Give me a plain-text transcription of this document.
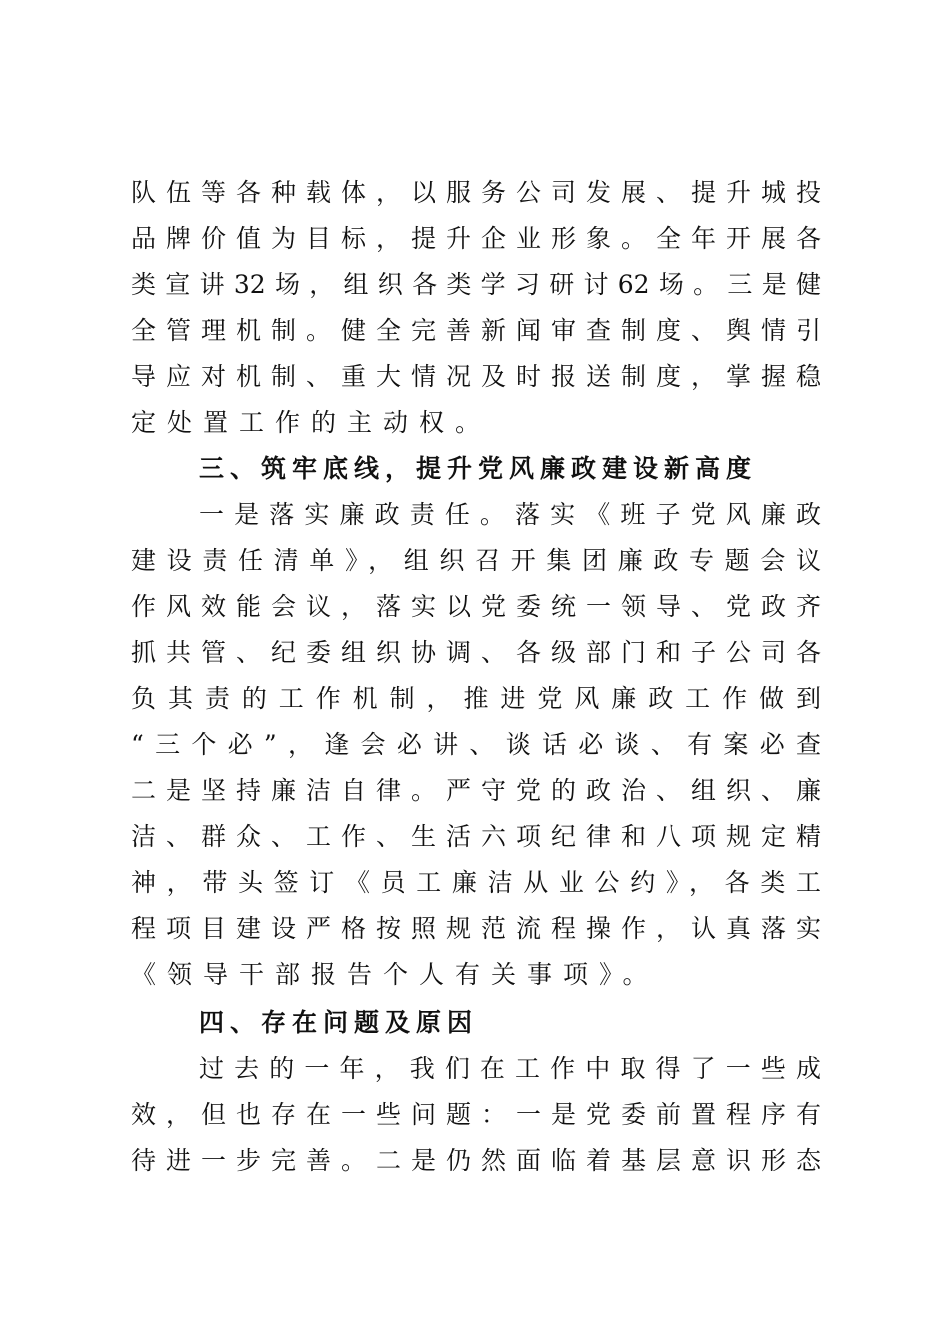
队伍等各种载体，以服务公司发展、提升城投
品牌价值为目标，提升企业形象。全年开展各
类宣讲32场，组织各类学习研讨62场。三是健
全管理机制。健全完善新闻审查制度、舆情引
导应对机制、重大情况及时报送制度，掌握稳
定处置工作的主动权。
三、筑牢底线，提升党风廉政建设新高度
一是落实廉政责任。落实《班子党风廉政
建设责任清单》，组织召开集团廉政专题会议
作风效能会议，落实以党委统一领导、党政齐
抓共管、纪委组织协调、各级部门和子公司各
负其责的工作机制，推进党风廉政工作做到
“三个必”，逢会必讲、谈话必谈、有案必查
二是坚持廉洁自律。严守党的政治、组织、廉
洁、群众、工作、生活六项纪律和八项规定精
神，带头签订《员工廉洁从业公约》，各类工
程项目建设严格按照规范流程操作，认真落实
《领导干部报告个人有关事项》。
四、存在问题及原因
过去的一年，我们在工作中取得了一些成
效，但也存在一些问题：一是党委前置程序有
待进一步完善。二是仍然面临着基层意识形态
